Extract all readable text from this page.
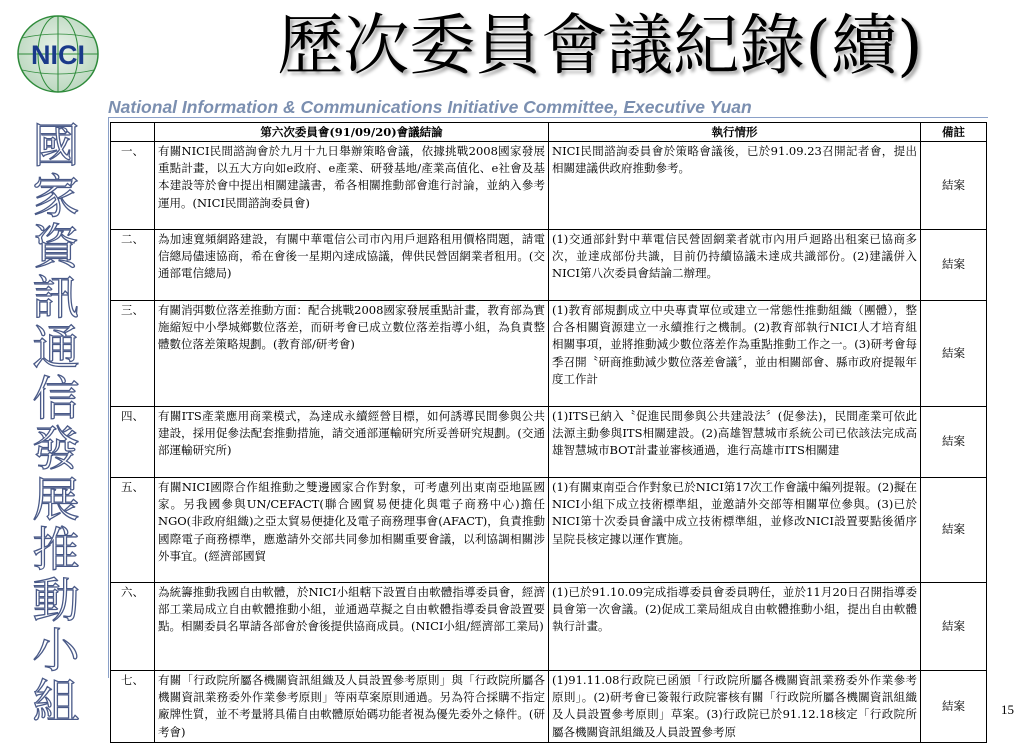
NICI	歷次委員會議紀錄(續)
National Information & Communications Initiative Committee, Executive Yuan
國
家
資
訊
通
信
發
展
推
動
小
組
	第六次委員會(91/09/20)會議結論	執行情形	備註
一、	有關NICI民間諮詢會於九月十九日舉辦策略會議，依據挑戰2008國家發展重點計畫，以五大方向如e政府、e產業、研發基地/產業高值化、e社會及基本建設等於會中提出相關建議書，希各相關推動部會進行討論，並納入參考運用。(NICI民間諮詢委員會)	NICI民間諮詢委員會於策略會議後，已於91.09.23召開記者會，提出相關建議供政府推動參考。	結案
二、	為加速寬頻網路建設，有關中華電信公司市內用戶迴路租用價格問題，請電信總局儘速協商，希在會後一星期內達成協議，俾供民營固網業者租用。(交通部電信總局)	(1)交通部針對中華電信民營固網業者就市內用戶迴路出租案已協商多次，並達成部份共識，目前仍持續協議未達成共識部份。(2)建議併入NICI第八次委員會結論二辦理。	結案
三、	有關消弭數位落差推動方面：配合挑戰2008國家發展重點計畫，教育部為實施縮短中小學城鄉數位落差，而研考會已成立數位落差指導小組，為負責整體數位落差策略規劃。(教育部/研考會)	(1)教育部規劃成立中央專責單位或建立一常態性推動組織（團體），整合各相關資源建立一永續推行之機制。(2)教育部執行NICI人才培育組相關事項，並將推動減少數位落差作為重點推動工作之一。(3)研考會每季召開〝研商推動減少數位落差會議〞，並由相關部會、縣市政府提報年度工作計	結案
四、	有關ITS產業應用商業模式，為達成永續經營目標，如何誘導民間參與公共建設，採用促參法配套推動措施，請交通部運輸研究所妥善研究規劃。(交通部運輸研究所)	(1)ITS已納入〝促進民間參與公共建設法〞(促參法)，民間產業可依此法源主動參與ITS相關建設。(2)高雄智慧城市系統公司已依該法完成高雄智慧城市BOT計畫並審核通過，進行高雄市ITS相關建	結案
五、	有關NICI國際合作組推動之雙邊國家合作對象，可考慮列出東南亞地區國家。另我國參與UN/CEFACT(聯合國貿易便捷化與電子商務中心)擔任NGO(非政府組織)之亞太貿易便捷化及電子商務理事會(AFACT)，負責推動國際電子商務標準，應邀請外交部共同參加相關重要會議，以利協調相關涉外事宜。(經濟部國貿	(1)有關東南亞合作對象已於NICI第17次工作會議中編列提報。(2)擬在NICI小組下成立技術標準組，並邀請外交部等相關單位參與。(3)已於NICI第十次委員會議中成立技術標準組，並修改NICI設置要點後循序呈院長核定據以運作實施。	結案
六、	為統籌推動我國自由軟體，於NICI小組轄下設置自由軟體指導委員會，經濟部工業局成立自由軟體推動小組，並通過草擬之自由軟體指導委員會設置要點。相關委員名單請各部會於會後提供協商成員。(NICI小組/經濟部工業局)	(1)已於91.10.09完成指導委員會委員聘任，並於11月20日召開指導委員會第一次會議。(2)促成工業局組成自由軟體推動小組，提出自由軟體執行計畫。	結案
七、	有關「行政院所屬各機關資訊組織及人員設置參考原則」與「行政院所屬各機關資訊業務委外作業參考原則」等兩草案原則通過。另為符合採購不指定廠牌性質，並不考量將具備自由軟體原始碼功能者視為優先委外之條件。(研考會)	(1)91.11.08行政院已函頒「行政院所屬各機關資訊業務委外作業參考原則」。(2)研考會已簽報行政院審核有關「行政院所屬各機關資訊組織及人員設置參考原則」草案。(3)行政院已於91.12.18核定「行政院所屬各機關資訊組織及人員設置參考原	結案	15
